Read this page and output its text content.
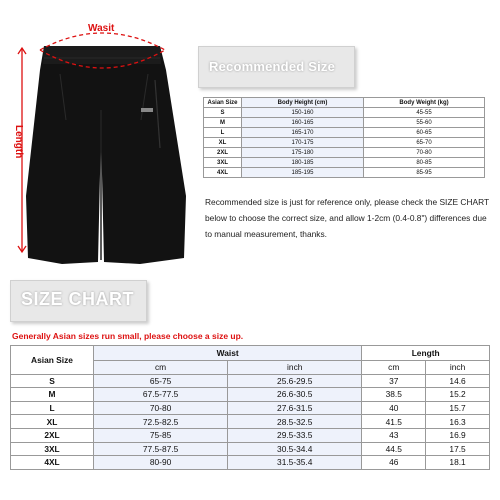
Wasit
Length
Recommended Size
Asian Size	Body Height (cm)	Body Weight (kg)
S	150-160	45-55
M	160-165	55-60
L	165-170	60-65
XL	170-175	65-70
2XL	175-180	70-80
3XL	180-185	80-85
4XL	185-195	85-95
Recommended size is just for reference only, please check the SIZE CHART below to choose the correct size, and allow 1-2cm (0.4-0.8") differences due to manual measurement, thanks.
SIZE CHART
Generally Asian sizes run small, please choose a size up.
Asian Size	Waist		Length	
	cm	inch	cm	inch
S	65-75	25.6-29.5	37	14.6
M	67.5-77.5	26.6-30.5	38.5	15.2
L	70-80	27.6-31.5	40	15.7
XL	72.5-82.5	28.5-32.5	41.5	16.3
2XL	75-85	29.5-33.5	43	16.9
3XL	77.5-87.5	30.5-34.4	44.5	17.5
4XL	80-90	31.5-35.4	46	18.1
